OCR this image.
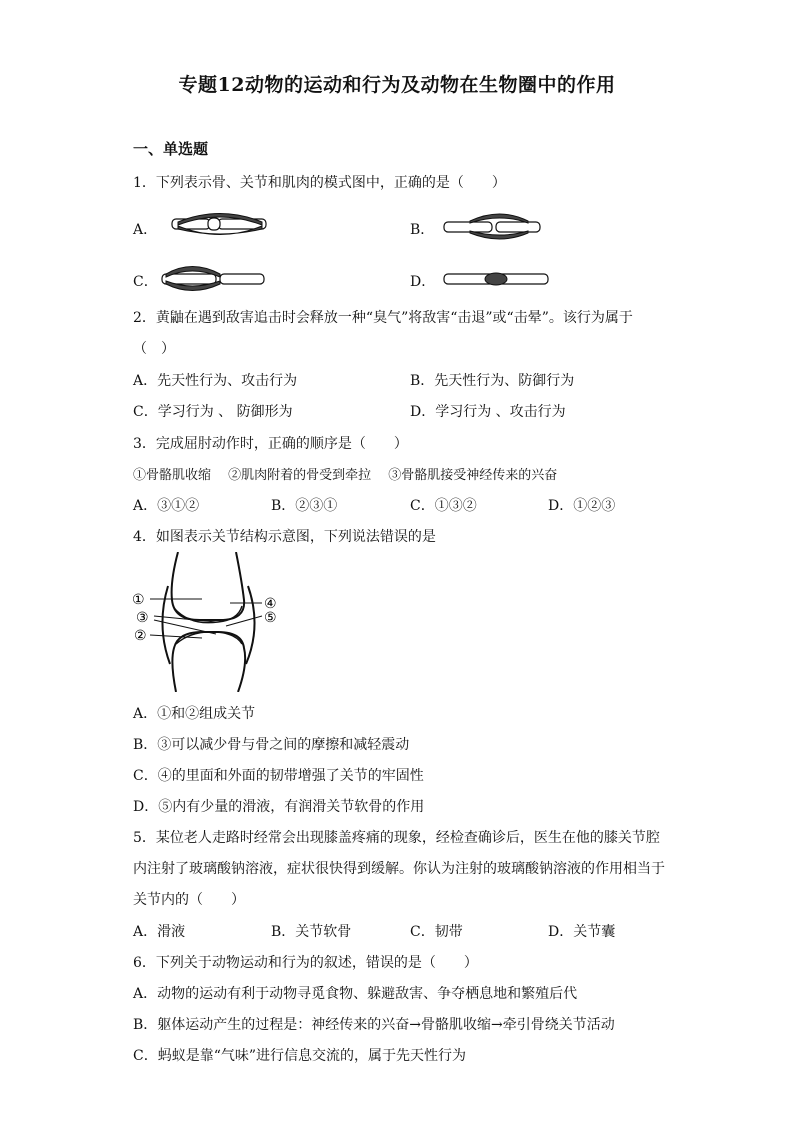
专题12动物的运动和行为及动物在生物圈中的作用
一、单选题
1．下列表示骨、关节和肌肉的模式图中，正确的是（　　）
A．	B．
C．	D．
2．黄鼬在遇到敌害追击时会释放一种“臭气”将敌害“击退”或“击晕”。该行为属于
（　）
A．先天性行为、攻击行为	B．先天性行为、防御行为
C．学习行为 、 防御形为	D．学习行为 、攻击行为
3．完成屈肘动作时，正确的顺序是（　　）
①骨骼肌收缩　 ②肌肉附着的骨受到牵拉　 ③骨骼肌接受神经传来的兴奋
A．③①②	B．②③①	C．①③②	D．①②③
4．如图表示关节结构示意图，下列说法错误的是
①
②
③
④
⑤
A．①和②组成关节
B．③可以减少骨与骨之间的摩擦和减轻震动
C．④的里面和外面的韧带增强了关节的牢固性
D．⑤内有少量的滑液，有润滑关节软骨的作用
5．某位老人走路时经常会出现膝盖疼痛的现象，经检查确诊后，医生在他的膝关节腔
内注射了玻璃酸钠溶液，症状很快得到缓解。你认为注射的玻璃酸钠溶液的作用相当于
关节内的（　　）
A．滑液	B．关节软骨	C．韧带	D．关节囊
6．下列关于动物运动和行为的叙述，错误的是（　　）
A．动物的运动有利于动物寻觅食物、躲避敌害、争夺栖息地和繁殖后代
B．躯体运动产生的过程是：神经传来的兴奋→骨骼肌收缩→牵引骨绕关节活动
C．蚂蚁是靠“气味”进行信息交流的，属于先天性行为
